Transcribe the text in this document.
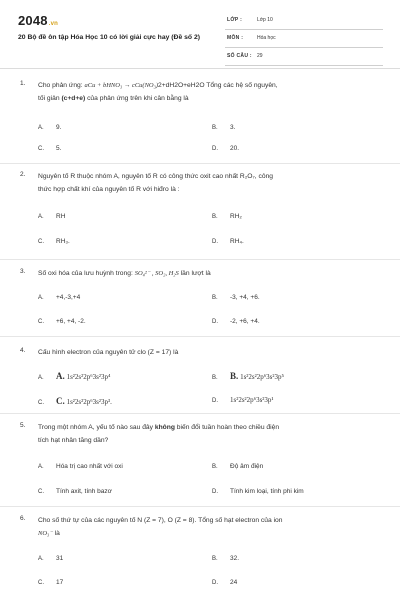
2048.vn
20 Bộ đề ôn tập Hóa Học 10 có lời giải cực hay (Đề số 2)
LỚP :	Lớp 10
MÔN :	Hóa học
SỐ CÂU : 29
1. Cho phản ứng: aCu + bHNO₃ → cCu(NO₃)2+dH2O+eH2O Tổng các hệ số nguyên,
tối giản (c+d+e) của phản ứng trên khi cân bằng là
A. 9.	B. 3.
C. 5.	D. 20.
2. Nguyên tố R thuộc nhóm A, nguyên tố R có công thức oxit cao nhất R₂O₇, công
thức hợp chất khí của nguyên tố R với hiđro là :
A. RH	B. RH₂
C. RH₃.	D. RH₄.
3. Số oxi hóa của lưu huỳnh trong: SO₄²⁻ , SO₂, H₂S lần lượt là
A. +4,-3,+4	B. -3, +4, +6.
C. +6, +4, -2.	D. -2, +6, +4.
4. Cấu hình electron của nguyên tử clo (Z = 17) là
A. A. 1s²2s²2p⁶3s²3p⁴	B. B. 1s²2s²2p⁶3s²3p⁵
C. C. 1s²2s²2p⁶3s²3p³.	D. 1s²2s²2p⁶3s²3p¹
5. Trong một nhóm A, yếu tố nào sau đây không biến đổi tuần hoàn theo chiều điện
tích hạt nhân tăng dần?
A. Hóa trị cao nhất với oxi	B. Độ âm điện
C. Tính axit, tính bazơ	D. Tính kim loại, tính phi kim
6. Cho số thứ tự của các nguyên tố N (Z = 7), O (Z = 8). Tổng số hạt electron của ion
NO₃⁻ là
A. 31	B. 32.
C. 17	D. 24
